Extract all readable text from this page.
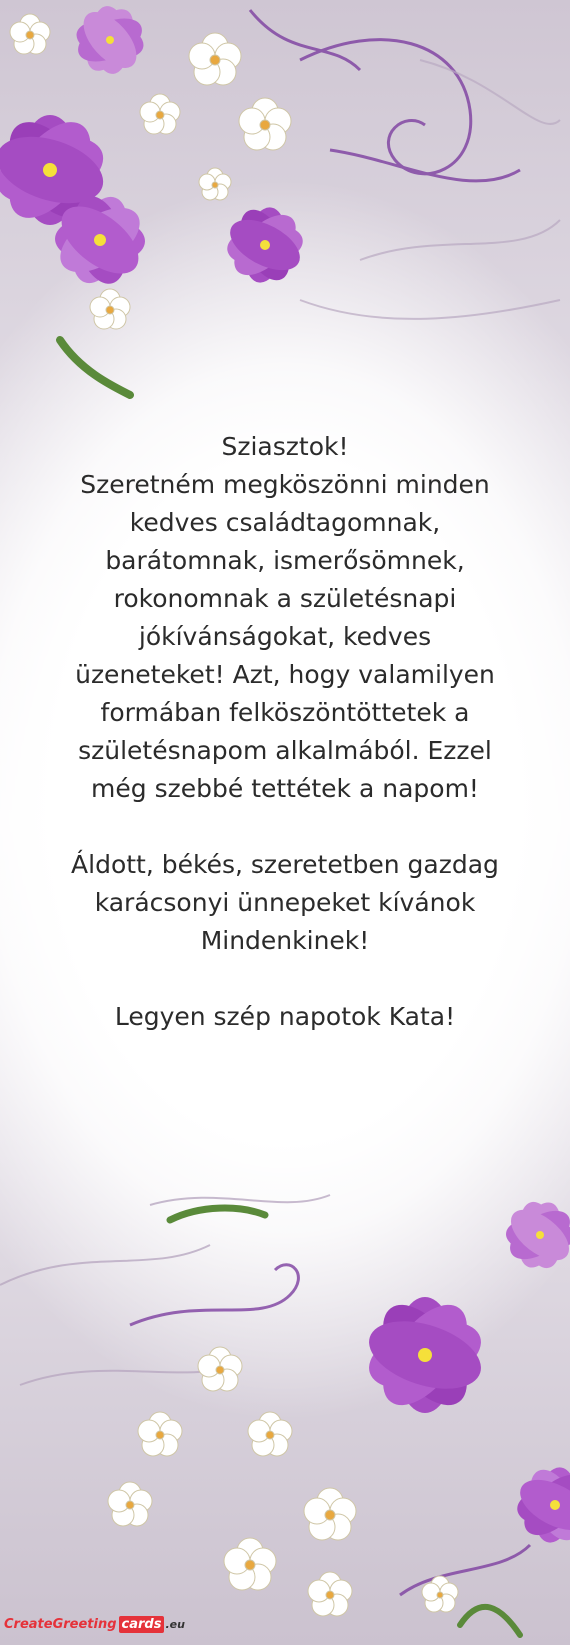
Sziasztok!

Szeretném megköszönni minden

kedves családtagomnak,

barátomnak, ismerősömnek,

rokonomnak a születésnapi

jókívánságokat, kedves

üzeneteket! Azt, hogy valamilyen

formában felköszöntöttetek a

születésnapom alkalmából. Ezzel

még szebbé tettétek a napom!

Áldott, békés, szeretetben gazdag

karácsonyi ünnepeket kívánok

Mindenkinek!

Legyen szép napotok Kata!

CreateGreeting cards .eu
